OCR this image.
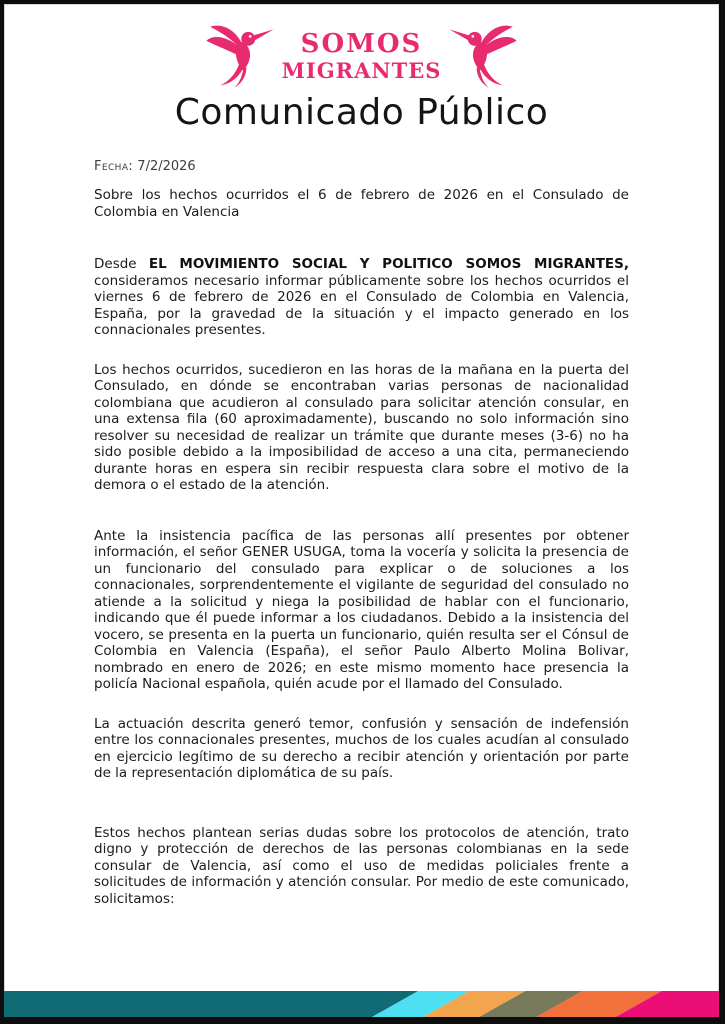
SOMOS
MIGRANTES
Comunicado Público
Fecha: 7/2/2026

Sobre los hechos ocurridos el 6 de febrero de 2026 en el Consulado de Colombia en Valencia

Desde EL MOVIMIENTO SOCIAL Y POLITICO SOMOS MIGRANTES, consideramos necesario informar públicamente sobre los hechos ocurridos el viernes 6 de febrero de 2026 en el Consulado de Colombia en Valencia, España, por la gravedad de la situación y el impacto generado en los connacionales presentes.

Los hechos ocurridos, sucedieron en las horas de la mañana en la puerta del Consulado, en dónde se encontraban varias personas de nacionalidad colombiana que acudieron al consulado para solicitar atención consular, en una extensa fila (60 aproximadamente), buscando no solo información sino resolver su necesidad de realizar un trámite que durante meses (3-6) no ha sido posible debido a la imposibilidad de acceso a una cita, permaneciendo durante horas en espera sin recibir respuesta clara sobre el motivo de la demora o el estado de la atención.

Ante la insistencia pacífica de las personas allí presentes por obtener información, el señor GENER USUGA, toma la vocería y solicita la presencia de un funcionario del consulado para explicar o de soluciones a los connacionales, sorprendentemente el vigilante de seguridad del consulado no atiende a la solicitud y niega la posibilidad de hablar con el funcionario, indicando que él puede informar a los ciudadanos. Debido a la insistencia del vocero, se presenta en la puerta un funcionario, quién resulta ser el Cónsul de Colombia en Valencia (España), el señor Paulo Alberto Molina Bolivar, nombrado en enero de 2026; en este mismo momento hace presencia la policía Nacional española, quién acude por el llamado del Consulado.

La actuación descrita generó temor, confusión y sensación de indefensión entre los connacionales presentes, muchos de los cuales acudían al consulado en ejercicio legítimo de su derecho a recibir atención y orientación por parte de la representación diplomática de su país.

Estos hechos plantean serias dudas sobre los protocolos de atención, trato digno y protección de derechos de las personas colombianas en la sede consular de Valencia, así como el uso de medidas policiales frente a solicitudes de información y atención consular. Por medio de este comunicado, solicitamos:
